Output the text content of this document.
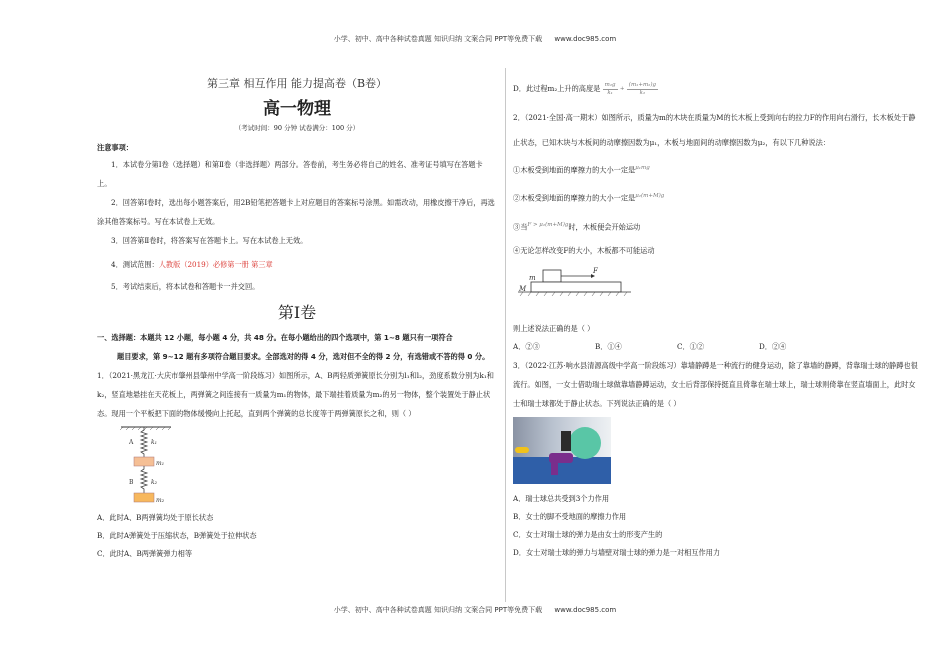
小学、初中、高中各种试卷真题 知识归纳 文案合同 PPT等免费下载 www.doc985.com
第三章 相互作用 能力提高卷（B卷）
高一物理
（考试时间：90 分钟 试卷满分：100 分）
注意事项：

1．本试卷分第Ⅰ卷（选择题）和第Ⅱ卷（非选择题）两部分。答卷前，考生务必将自己的姓名、准考证号填写在答题卡上。

2．回答第Ⅰ卷时，选出每小题答案后，用2B铅笔把答题卡上对应题目的答案标号涂黑。如需改动，用橡皮擦干净后，再选涂其他答案标号。写在本试卷上无效。

3．回答第Ⅱ卷时，将答案写在答题卡上。写在本试卷上无效。

4．测试范围：人教版（2019）必修第一册 第三章

5．考试结束后，将本试卷和答题卡一并交回。

第Ⅰ卷
一、选择题：本题共 12 小题，每小题 4 分，共 48 分。在每小题给出的四个选项中，第 1~8 题只有一项符合
题目要求，第 9~12 题有多项符合题目要求。全部选对的得 4 分，选对但不全的得 2 分，有选错或不答的得 0 分。
1．（2021·黑龙江·大庆市肇州县肇州中学高一阶段练习）如图所示，A、B两轻质弹簧原长分别为l₁和l₂，劲度系数分别为k₁和k₂，竖直地悬挂在天花板上，两弹簧之间连接有一质量为m₁的物体，最下端挂着质量为m₂的另一物体，整个装置处于静止状态。现用一个平板把下面的物体缓慢向上托起，直到两个弹簧的总长度等于两弹簧原长之和，则（ ）
A	k₁
m₁
B	k₂
m₂
A．此时A、B两弹簧均处于原长状态
B．此时A弹簧处于压缩状态，B弹簧处于拉伸状态
C．此时A、B两弹簧弹力相等
D．此过程m₂上升的高度是 $\frac{\text{m₂g}}{\text{k₁}} + \frac{\text{(m₁+m₂)g}}{\text{k₂}}$
2．（2021·全国·高一期末）如图所示，质量为m的木块在质量为M的长木板上受到向右的拉力F的作用向右滑行，长木板处于静止状态，已知木块与木板间的动摩擦因数为μ₁，木板与地面间的动摩擦因数为μ₂，有以下几种说法：
①木板受到地面的摩擦力的大小一定是$^{\mu_1mg}$
②木板受到地面的摩擦力的大小一定是$^{\mu_2(m+M)g}$
③当$^{F > \mu_2(m+M)g}$时，木板便会开始运动
④无论怎样改变F的大小，木板都不可能运动
m
F
M
则上述说法正确的是（ ）
A．②③	B．①④	C．①②	D．②④
3．（2022·江苏·响水县清源高级中学高一阶段练习）靠墙静蹲是一种流行的健身运动，除了靠墙的静蹲，背靠瑞士球的静蹲也很流行。如图，一女士借助瑞士球做靠墙静蹲运动，女士后背部保持挺直且倚靠在瑞士球上，瑞士球则倚靠在竖直墙面上，此时女士和瑞士球都处于静止状态。下列说法正确的是（ ）
A．瑞士球总共受到3个力作用
B．女士的脚不受地面的摩擦力作用
C．女士对瑞士球的弹力是由女士的形变产生的
D．女士对瑞士球的弹力与墙壁对瑞士球的弹力是一对相互作用力
小学、初中、高中各种试卷真题 知识归纳 文案合同 PPT等免费下载 www.doc985.com
